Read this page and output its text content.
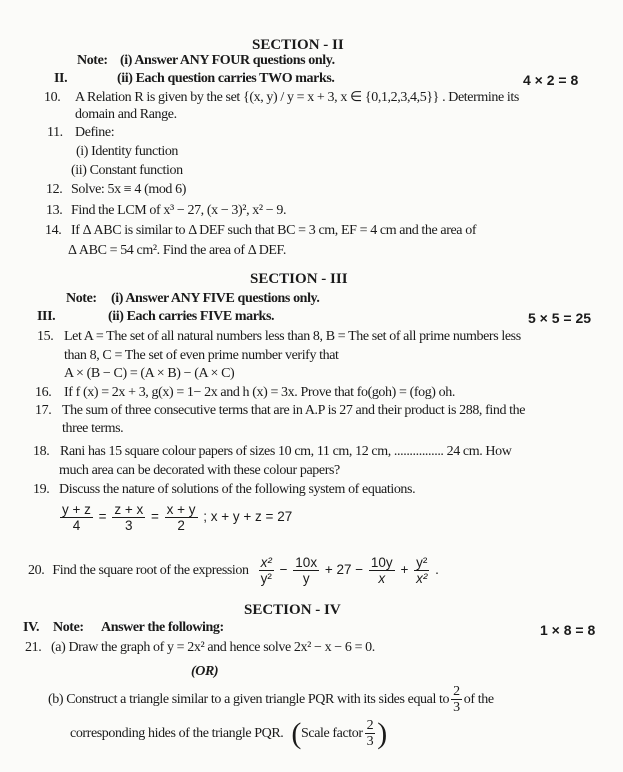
SECTION - II
Note: (i) Answer ANY FOUR questions only.
II.	(ii) Each question carries TWO marks.	4 × 2 = 8
10. A Relation R is given by the set {(x, y) / y = x + 3, x ∈ {0,1,2,3,4,5}} . Determine its
domain and Range.
11. Define:
(i) Identity function
(ii) Constant function
12. Solve: 5x ≡ 4 (mod 6)
13. Find the LCM of x³ − 27, (x − 3)², x² − 9.
14. If Δ ABC is similar to Δ DEF such that BC = 3 cm, EF = 4 cm and the area of
Δ ABC = 54 cm². Find the area of Δ DEF.
SECTION - III
Note: (i) Answer ANY FIVE questions only.
III.	(ii) Each carries FIVE marks.	5 × 5 = 25
15. Let A = The set of all natural numbers less than 8, B = The set of all prime numbers less
than 8, C = The set of even prime number verify that
A × (B − C) = (A × B) − (A × C)
16. If f (x) = 2x + 3, g(x) = 1− 2x and h (x) = 3x. Prove that fo(goh) = (fog) oh.
17. The sum of three consecutive terms that are in A.P is 27 and their product is 288, find the
three terms.
18. Rani has 15 square colour papers of sizes 10 cm, 11 cm, 12 cm, ................ 24 cm. How
much area can be decorated with these colour papers?
19. Discuss the nature of solutions of the following system of equations.
$\frac{y + z}{4} = \frac{z + x}{3} = \frac{x + y}{2}$ ; x + y + z = 27
20. Find the square root of the expression $\frac{\text{x²}}{\text{y²}} - \frac{10x}{y} + 27 - \frac{10y}{x} + \frac{\text{y²}}{\text{x²}}$ .
SECTION - IV
IV. Note: Answer the following:	1 × 8 = 8
21. (a) Draw the graph of y = 2x² and hence solve 2x² − x − 6 = 0.
(OR)
(b) Construct a triangle similar to a given triangle PQR with its sides equal to $\frac{2}{3}$ of the
corresponding hides of the triangle PQR. ( Scale factor $\frac{2}{3}$ )
